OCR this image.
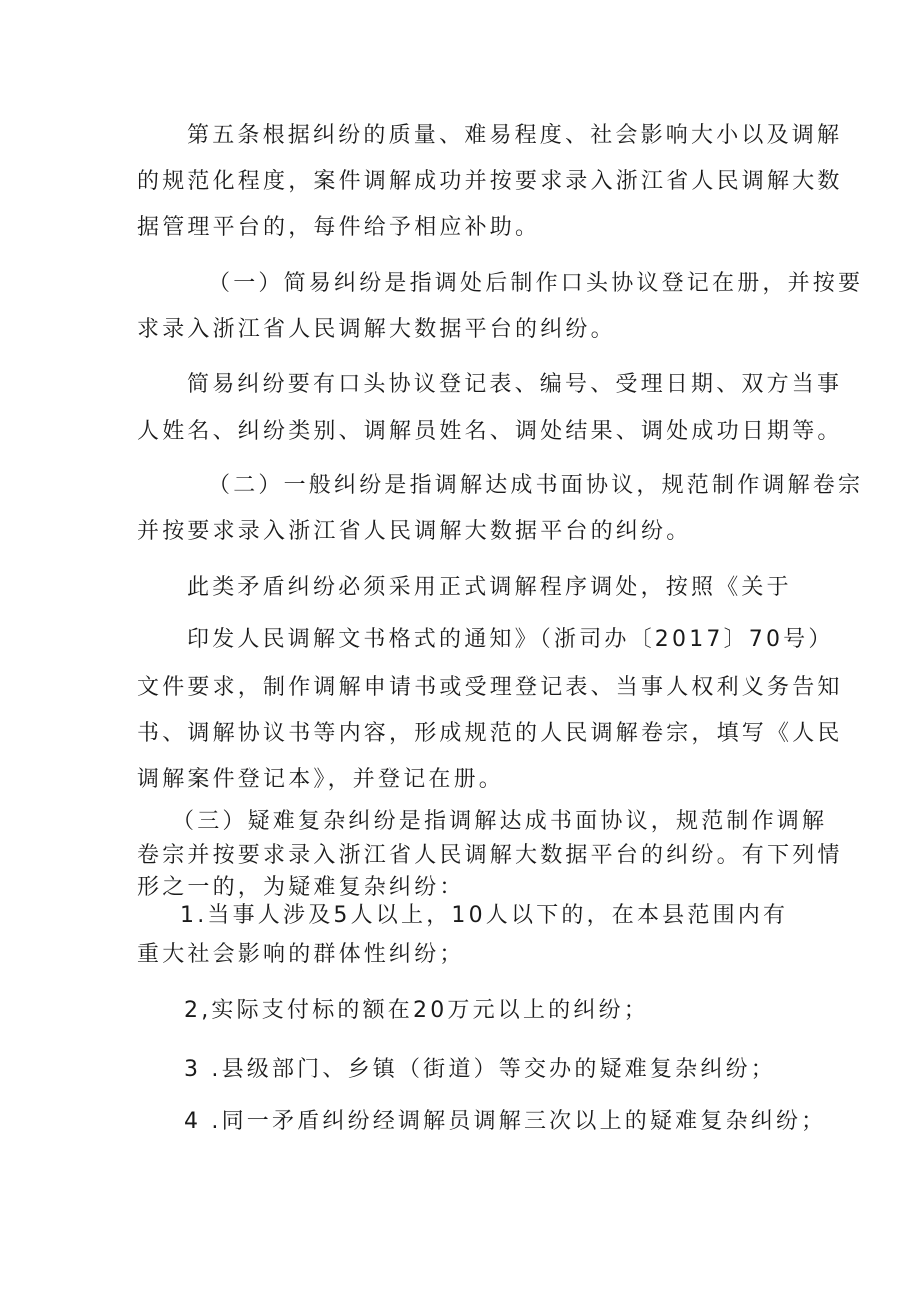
第五条根据纠纷的质量、难易程度、社会影响大小以及调解
的规范化程度，案件调解成功并按要求录入浙江省人民调解大数
据管理平台的，每件给予相应补助。
（一）简易纠纷是指调处后制作口头协议登记在册，并按要
求录入浙江省人民调解大数据平台的纠纷。
简易纠纷要有口头协议登记表、编号、受理日期、双方当事
人姓名、纠纷类别、调解员姓名、调处结果、调处成功日期等。
（二）一般纠纷是指调解达成书面协议，规范制作调解卷宗
并按要求录入浙江省人民调解大数据平台的纠纷。
此类矛盾纠纷必须采用正式调解程序调处，按照《关于
印发人民调解文书格式的通知》（浙司办〔2017〕70号）
文件要求，制作调解申请书或受理登记表、当事人权利义务告知
书、调解协议书等内容，形成规范的人民调解卷宗，填写《人民
调解案件登记本》，并登记在册。
（三）疑难复杂纠纷是指调解达成书面协议，规范制作调解
卷宗并按要求录入浙江省人民调解大数据平台的纠纷。有下列情
形之一的，为疑难复杂纠纷：
1.当事人涉及5人以上，10人以下的，在本县范围内有
重大社会影响的群体性纠纷；
2,实际支付标的额在20万元以上的纠纷；
3 .县级部门、乡镇（街道）等交办的疑难复杂纠纷；
4 .同一矛盾纠纷经调解员调解三次以上的疑难复杂纠纷；
